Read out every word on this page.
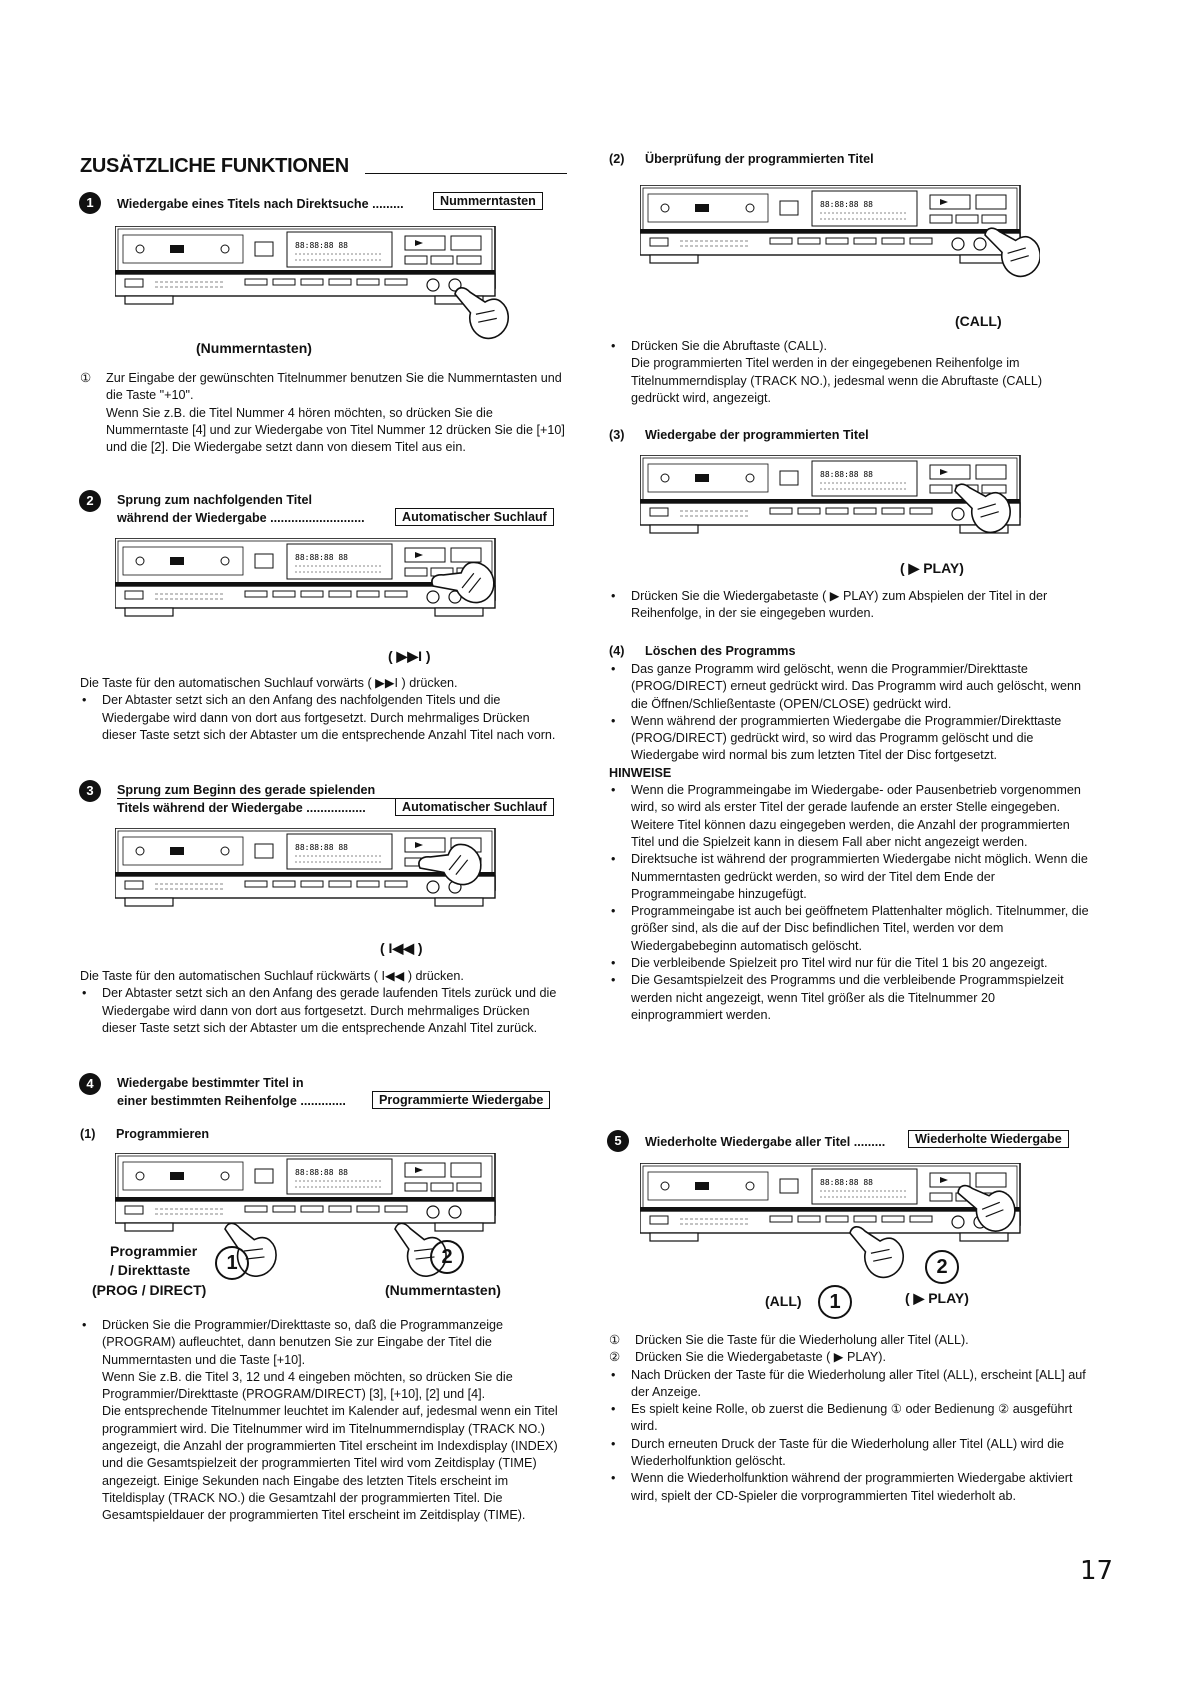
ZUSÄTZLICHE FUNKTIONEN
1	Wiedergabe eines Titels nach Direktsuche .........	Nummerntasten
(Nummerntasten)
① Zur Eingabe der gewünschten Titelnummer benutzen Sie die Nummerntasten und die Taste "+10".

Wenn Sie z.B. die Titel Nummer 4 hören möchten, so drücken Sie die Nummerntaste [4] und zur Wiedergabe von Titel Nummer 12 drücken Sie die [+10] und die [2]. Die Wiedergabe setzt dann von diesem Titel aus ein.

2	Sprung zum nachfolgenden Titel
während der Wiedergabe ...........................	Automatischer Suchlauf
( ▶▶I )

Die Taste für den automatischen Suchlauf vorwärts ( ▶▶I ) drücken.

• Der Abtaster setzt sich an den Anfang des nachfolgenden Titels und die Wiedergabe wird dann von dort aus fortgesetzt. Durch mehrmaliges Drücken dieser Taste setzt sich der Abtaster um die entsprechende Anzahl Titel nach vorn.

3	Sprung zum Beginn des gerade spielenden
Titels während der Wiedergabe .................	Automatischer Suchlauf
( I◀◀ )

Die Taste für den automatischen Suchlauf rückwärts ( I◀◀ ) drücken.

• Der Abtaster setzt sich an den Anfang des gerade laufenden Titels zurück und die Wiedergabe wird dann von dort aus fortgesetzt. Durch mehrmaliges Drücken dieser Taste setzt sich der Abtaster um die entsprechende Anzahl Titel zurück.

4	Wiedergabe bestimmter Titel in
einer bestimmten Reihenfolge .............	Programmierte Wiedergabe
(1) Programmieren
Programmier
/ Direkttaste
(PROG / DIRECT)	(Nummerntasten)
1	2

• Drücken Sie die Programmier/Direkttaste so, daß die Programmanzeige (PROGRAM) aufleuchtet, dann benutzen Sie zur Eingabe der Titel die Nummerntasten und die Taste [+10].

Wenn Sie z.B. die Titel 3, 12 und 4 eingeben möchten, so drücken Sie die Programmier/Direkttaste (PROGRAM/DIRECT) [3], [+10], [2] und [4].

Die entsprechende Titelnummer leuchtet im Kalender auf, jedesmal wenn ein Titel programmiert wird. Die Titelnummer wird im Titelnummerndisplay (TRACK NO.) angezeigt, die Anzahl der programmierten Titel erscheint im Indexdisplay (INDEX) und die Gesamtspielzeit der programmierten Titel wird vom Zeitdisplay (TIME) angezeigt. Einige Sekunden nach Eingabe des letzten Titels erscheint im Titeldisplay (TRACK NO.) die Gesamtzahl der programmierten Titel. Die Gesamtspieldauer der programmierten Titel erscheint im Zeitdisplay (TIME).

(2) Überprüfung der programmierten Titel
(CALL)

• Drücken Sie die Abruftaste (CALL).

Die programmierten Titel werden in der eingegebenen Reihenfolge im Titelnummerndisplay (TRACK NO.), jedesmal wenn die Abruftaste (CALL) gedrückt wird, angezeigt.

(3) Wiedergabe der programmierten Titel
( ▶ PLAY)

• Drücken Sie die Wiedergabetaste ( ▶ PLAY) zum Abspielen der Titel in der Reihenfolge, in der sie eingegeben wurden.

(4) Löschen des Programms

• Das ganze Programm wird gelöscht, wenn die Programmier/Direkttaste (PROG/DIRECT) erneut gedrückt wird. Das Programm wird auch gelöscht, wenn die Öffnen/Schließentaste (OPEN/CLOSE) gedrückt wird.

• Wenn während der programmierten Wiedergabe die Programmier/Direkttaste (PROG/DIRECT) gedrückt wird, so wird das Programm gelöscht und die Wiedergabe wird normal bis zum letzten Titel der Disc fortgesetzt.

HINWEISE

• Wenn die Programmeingabe im Wiedergabe- oder Pausenbetrieb vorgenommen wird, so wird als erster Titel der gerade laufende an erster Stelle eingegeben. Weitere Titel können dazu eingegeben werden, die Anzahl der programmierten Titel und die Spielzeit kann in diesem Fall aber nicht angezeigt werden.

• Direktsuche ist während der programmierten Wiedergabe nicht möglich. Wenn die Nummerntasten gedrückt werden, so wird der Titel dem Ende der Programmeingabe hinzugefügt.

• Programmeingabe ist auch bei geöffnetem Plattenhalter möglich. Titelnummer, die größer sind, als die auf der Disc befindlichen Titel, werden vor dem Wiedergabebeginn automatisch gelöscht.

• Die verbleibende Spielzeit pro Titel wird nur für die Titel 1 bis 20 angezeigt.

• Die Gesamtspielzeit des Programms und die verbleibende Programmspielzeit werden nicht angezeigt, wenn Titel größer als die Titelnummer 20 einprogrammiert werden.

5	Wiederholte Wiedergabe aller Titel .........	Wiederholte Wiedergabe
(ALL)	( ▶ PLAY)
1
2
① Drücken Sie die Taste für die Wiederholung aller Titel (ALL).

② Drücken Sie die Wiedergabetaste ( ▶ PLAY).

• Nach Drücken der Taste für die Wiederholung aller Titel (ALL), erscheint [ALL] auf der Anzeige.

• Es spielt keine Rolle, ob zuerst die Bedienung ① oder Bedienung ② ausgeführt wird.

• Durch erneuten Druck der Taste für die Wiederholung aller Titel (ALL) wird die Wiederholfunktion gelöscht.

• Wenn die Wiederholfunktion während der programmierten Wiedergabe aktiviert wird, spielt der CD-Spieler die vorprogrammierten Titel wiederholt ab.

17
